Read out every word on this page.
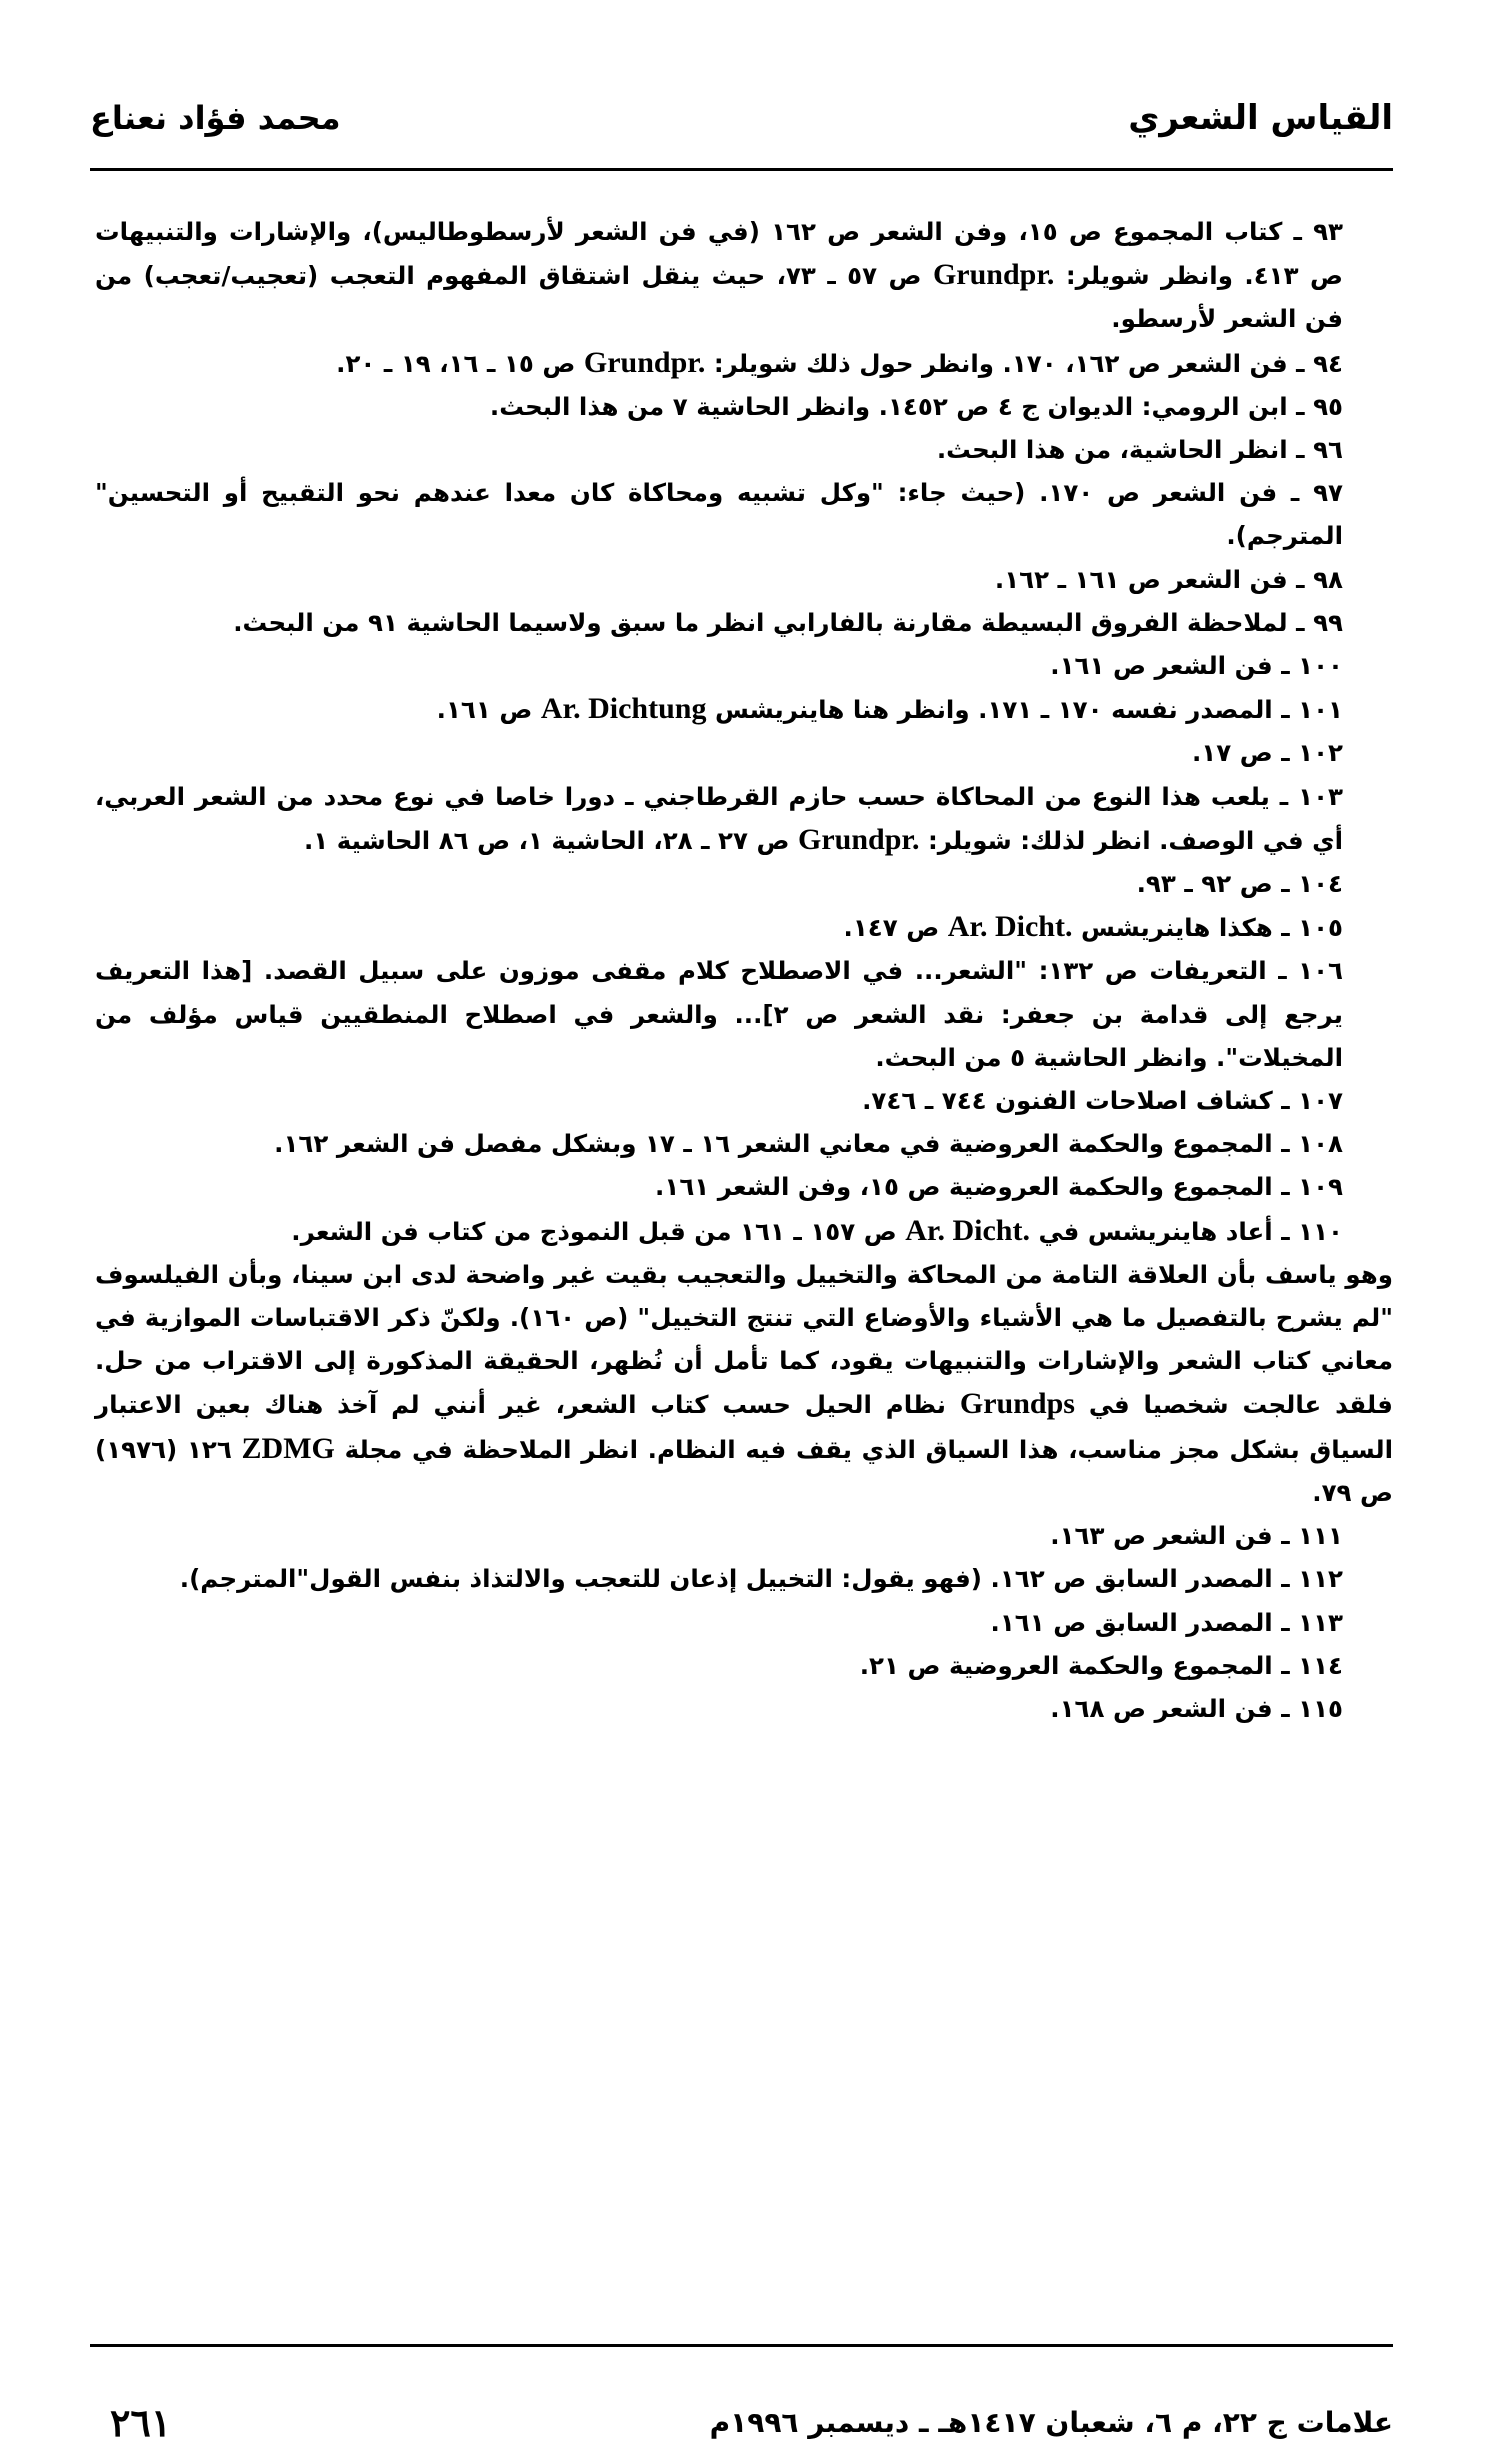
القياس الشعري
محمد فؤاد نعناع

٩٣ ـ كتاب المجموع ص ١٥، وفن الشعر ص ١٦٢ (في فن الشعر لأرسطوطاليس)، والإشارات والتنبيهات ص ٤١٣. وانظر شويلر: Grundpr. ص ٥٧ ـ ٧٣، حيث ينقل اشتقاق المفهوم التعجب (تعجيب/تعجب) من فن الشعر لأرسطو.

٩٤ ـ فن الشعر ص ١٦٢، ١٧٠. وانظر حول ذلك شويلر: Grundpr. ص ١٥ ـ ١٦، ١٩ ـ ٢٠.

٩٥ ـ ابن الرومي: الديوان ج ٤ ص ١٤٥٢. وانظر الحاشية ٧ من هذا البحث.

٩٦ ـ انظر الحاشية، من هذا البحث.

٩٧ ـ فن الشعر ص ١٧٠. (حيث جاء: "وكل تشبيه ومحاكاة كان معدا عندهم نحو التقبيح أو التحسين" المترجم).

٩٨ ـ فن الشعر ص ١٦١ ـ ١٦٢.

٩٩ ـ لملاحظة الفروق البسيطة مقارنة بالفارابي انظر ما سبق ولاسيما الحاشية ٩١ من البحث.

١٠٠ ـ فن الشعر ص ١٦١.

١٠١ ـ المصدر نفسه ١٧٠ ـ ١٧١. وانظر هنا هاينريشس Ar. Dichtung ص ١٦١.

١٠٢ ـ ص ١٧.

١٠٣ ـ يلعب هذا النوع من المحاكاة حسب حازم القرطاجني ـ دورا خاصا في نوع محدد من الشعر العربي، أي في الوصف. انظر لذلك: شويلر: Grundpr. ص ٢٧ ـ ٢٨، الحاشية ١، ص ٨٦ الحاشية ١.

١٠٤ ـ ص ٩٢ ـ ٩٣.

١٠٥ ـ هكذا هاينريشس Ar. Dicht. ص ١٤٧.

١٠٦ ـ التعريفات ص ١٣٢: "الشعر... في الاصطلاح كلام مقفى موزون على سبيل القصد. [هذا التعريف يرجع إلى قدامة بن جعفر: نقد الشعر ص ٢]... والشعر في اصطلاح المنطقيين قياس مؤلف من المخيلات". وانظر الحاشية ٥ من البحث.

١٠٧ ـ كشاف اصلاحات الفنون ٧٤٤ ـ ٧٤٦.

١٠٨ ـ المجموع والحكمة العروضية في معاني الشعر ١٦ ـ ١٧ وبشكل مفصل فن الشعر ١٦٢.

١٠٩ ـ المجموع والحكمة العروضية ص ١٥، وفن الشعر ١٦١.

١١٠ ـ أعاد هاينريشس في Ar. Dicht. ص ١٥٧ ـ ١٦١ من قبل النموذج من كتاب فن الشعر.

وهو ياسف بأن العلاقة التامة من المحاكة والتخييل والتعجيب بقيت غير واضحة لدى ابن سينا، وبأن الفيلسوف "لم يشرح بالتفصيل ما هي الأشياء والأوضاع التي تنتج التخييل" (ص ١٦٠). ولكنّ ذكر الاقتباسات الموازية في معاني كتاب الشعر والإشارات والتنبيهات يقود، كما تأمل أن نُظهر، الحقيقة المذكورة إلى الاقتراب من حل. فلقد عالجت شخصيا في Grundps نظام الحيل حسب كتاب الشعر، غير أنني لم آخذ هناك بعين الاعتبار السياق بشكل مجز مناسب، هذا السياق الذي يقف فيه النظام. انظر الملاحظة في مجلة ZDMG ١٢٦ (١٩٧٦) ص ٧٩.

١١١ ـ فن الشعر ص ١٦٣.

١١٢ ـ المصدر السابق ص ١٦٢. (فهو يقول: التخييل إذعان للتعجب والالتذاذ بنفس القول"المترجم).

١١٣ ـ المصدر السابق ص ١٦١.

١١٤ ـ المجموع والحكمة العروضية ص ٢١.

١١٥ ـ فن الشعر ص ١٦٨.

علامات ج ٢٢، م ٦، شعبان ١٤١٧هـ ـ ديسمبر ١٩٩٦م
٢٦١
